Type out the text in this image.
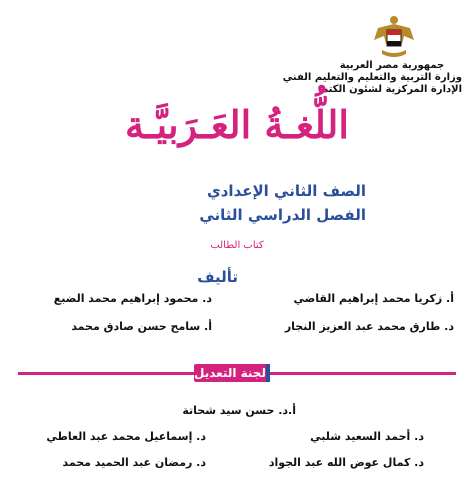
جمهورية مصر العربية
وزارة التربية والتعليم والتعليم الفني
الإدارة المركزية لشئون الكتب
اللُّغـةُ العَـرَبيَّـة
الصف الثاني الإعدادي
الفصل الدراسي الثاني
كتاب الطالب
تأليف
أ. زكريا محمد إبراهيم القاضي
د. محمود إبراهيم محمد الضبع
د. طارق محمد عبد العزيز النجار
أ. سامح حسن صادق محمد
لجنة التعديل
أ.د. حسن سيد شحاتة
د. أحمد السعيد شلبي
د. إسماعيل محمد عبد العاطي
د. كمال عوض الله عبد الجواد
د. رمضان عبد الحميد محمد
